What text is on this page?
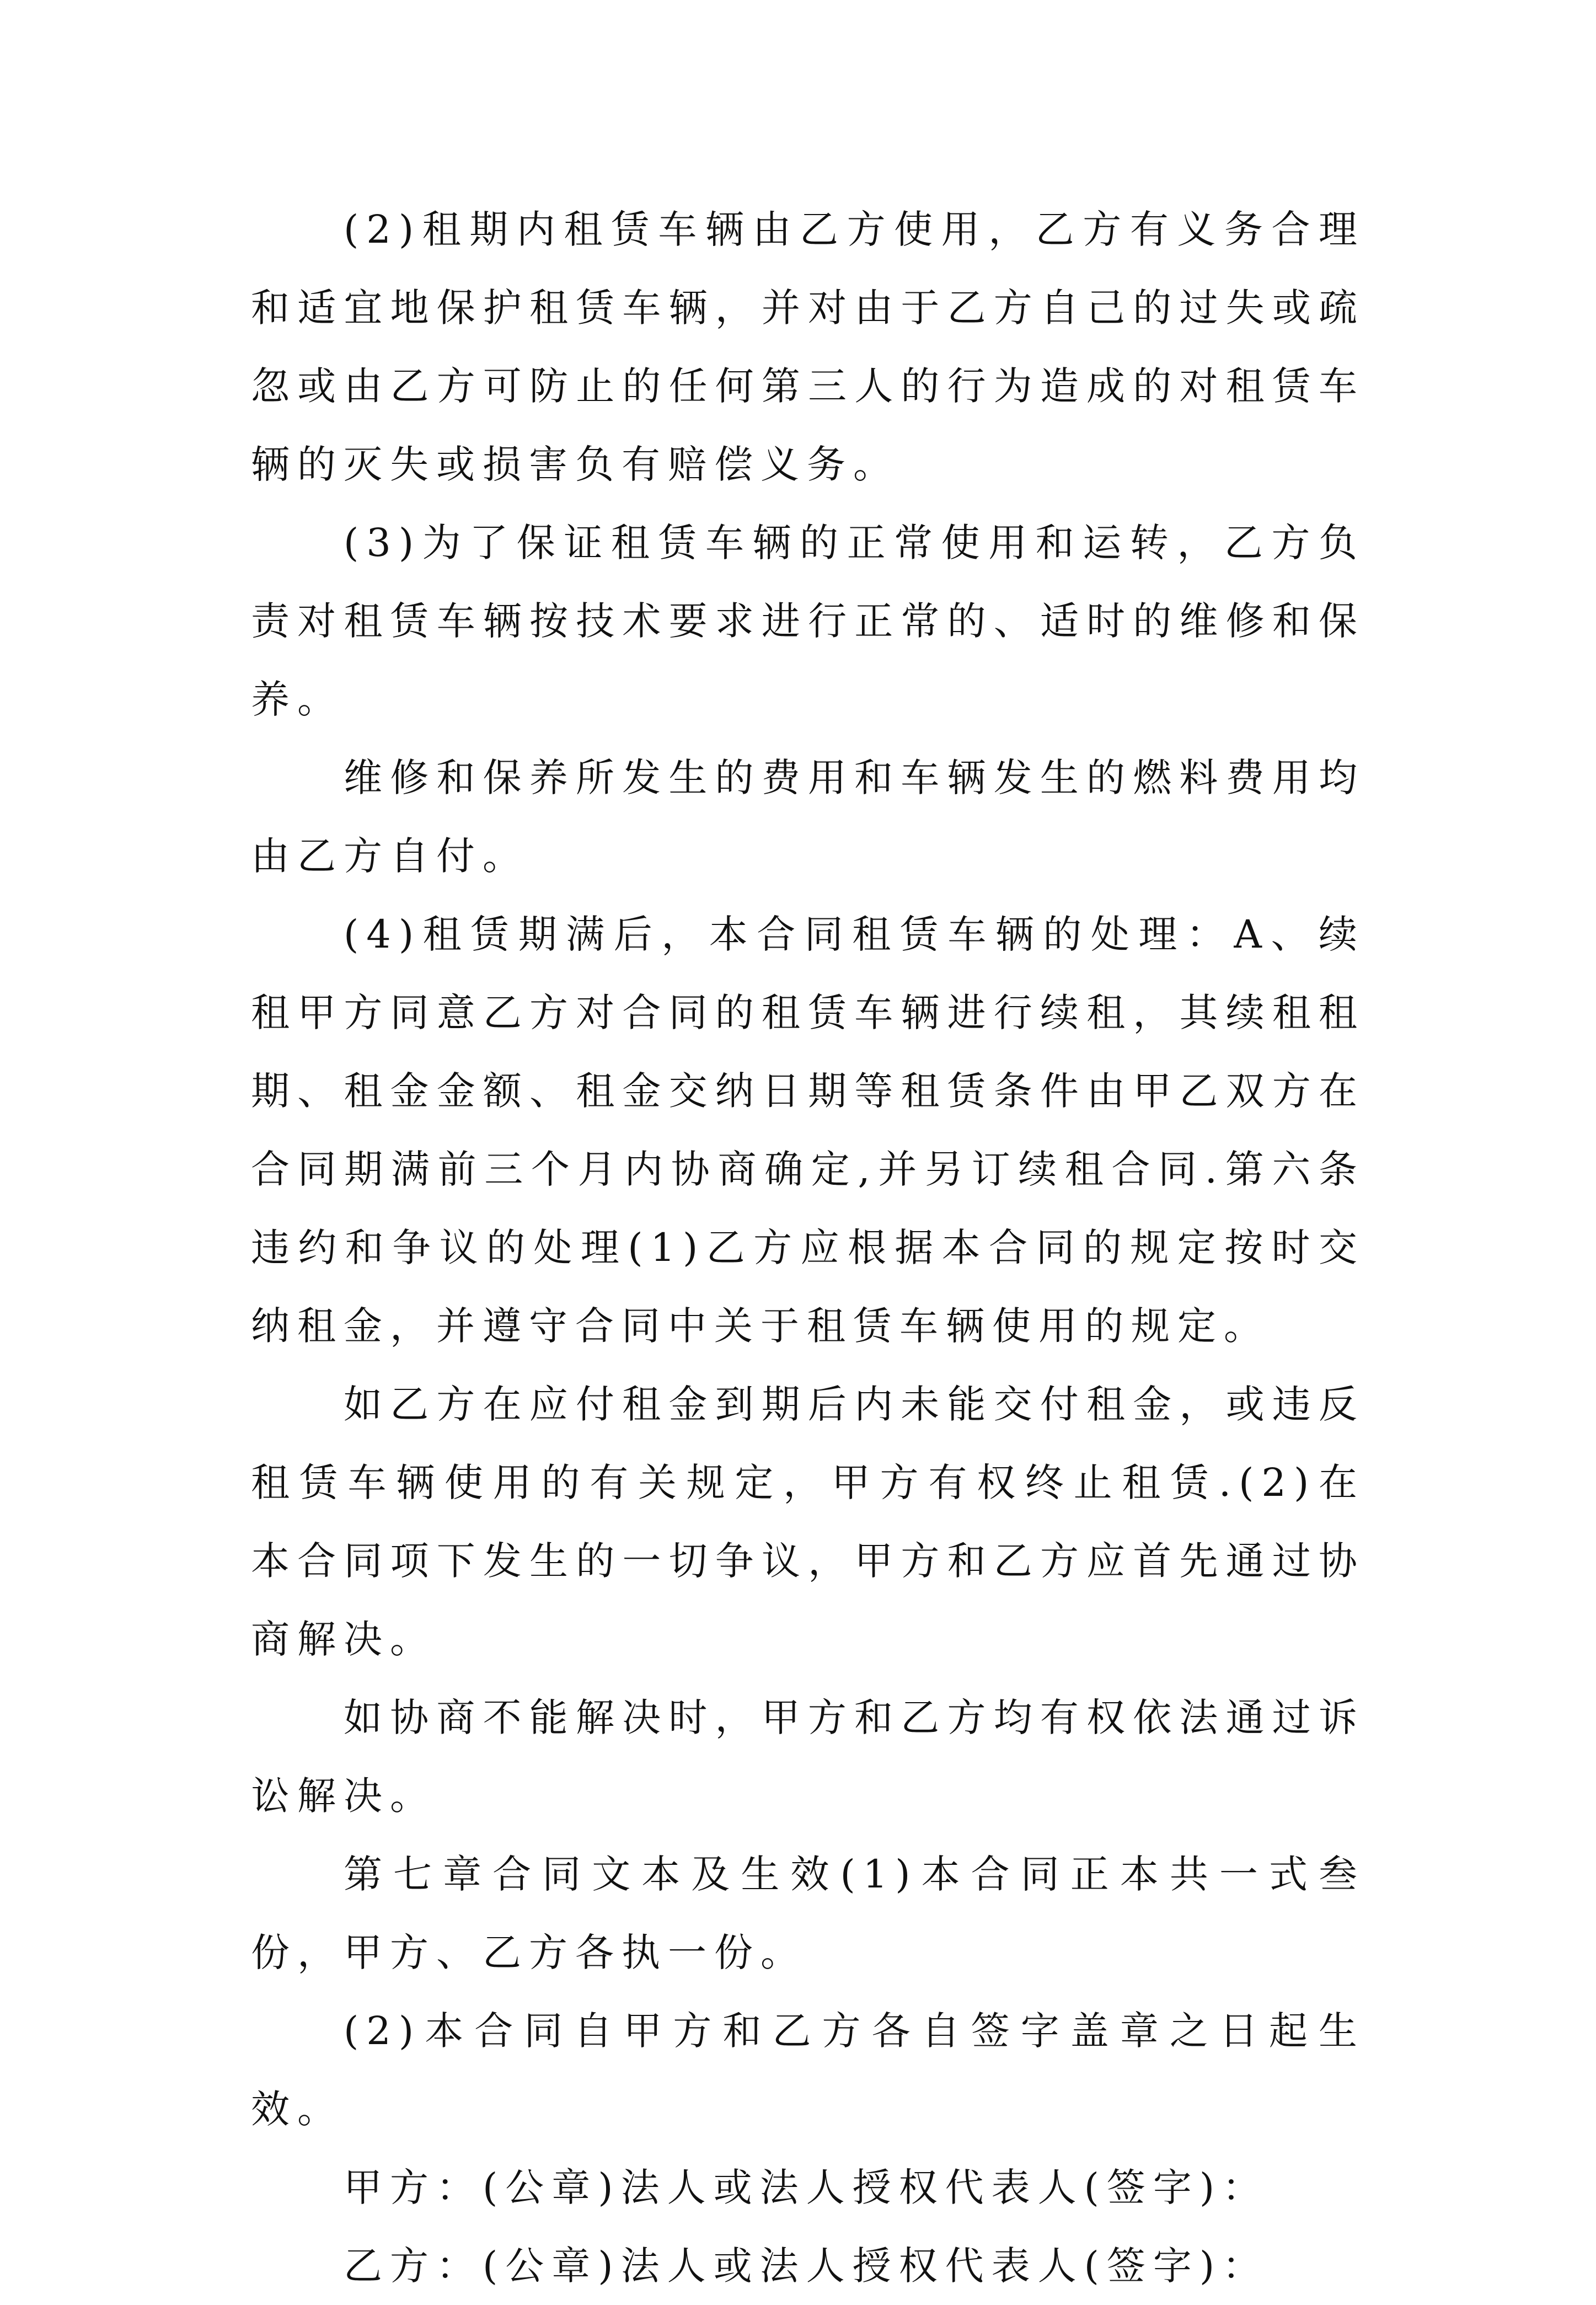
(2)租期内租赁车辆由乙方使用，乙方有义务合理和适宜地保护租赁车辆，并对由于乙方自己的过失或疏忽或由乙方可防止的任何第三人的行为造成的对租赁车辆的灭失或损害负有赔偿义务。

(3)为了保证租赁车辆的正常使用和运转，乙方负责对租赁车辆按技术要求进行正常的、适时的维修和保养。

维修和保养所发生的费用和车辆发生的燃料费用均由乙方自付。

(4)租赁期满后，本合同租赁车辆的处理：A、续租甲方同意乙方对合同的租赁车辆进行续租，其续租租期、租金金额、租金交纳日期等租赁条件由甲乙双方在合同期满前三个月内协商确定,并另订续租合同.第六条违约和争议的处理(1)乙方应根据本合同的规定按时交纳租金，并遵守合同中关于租赁车辆使用的规定。

如乙方在应付租金到期后内未能交付租金，或违反租赁车辆使用的有关规定，甲方有权终止租赁.(2)在本合同项下发生的一切争议，甲方和乙方应首先通过协商解决。

如协商不能解决时，甲方和乙方均有权依法通过诉讼解决。

第七章合同文本及生效(1)本合同正本共一式叁份，甲方、乙方各执一份。

(2)本合同自甲方和乙方各自签字盖章之日起生效。

甲方：(公章)法人或法人授权代表人(签字)：

乙方：(公章)法人或法人授权代表人(签字)：
